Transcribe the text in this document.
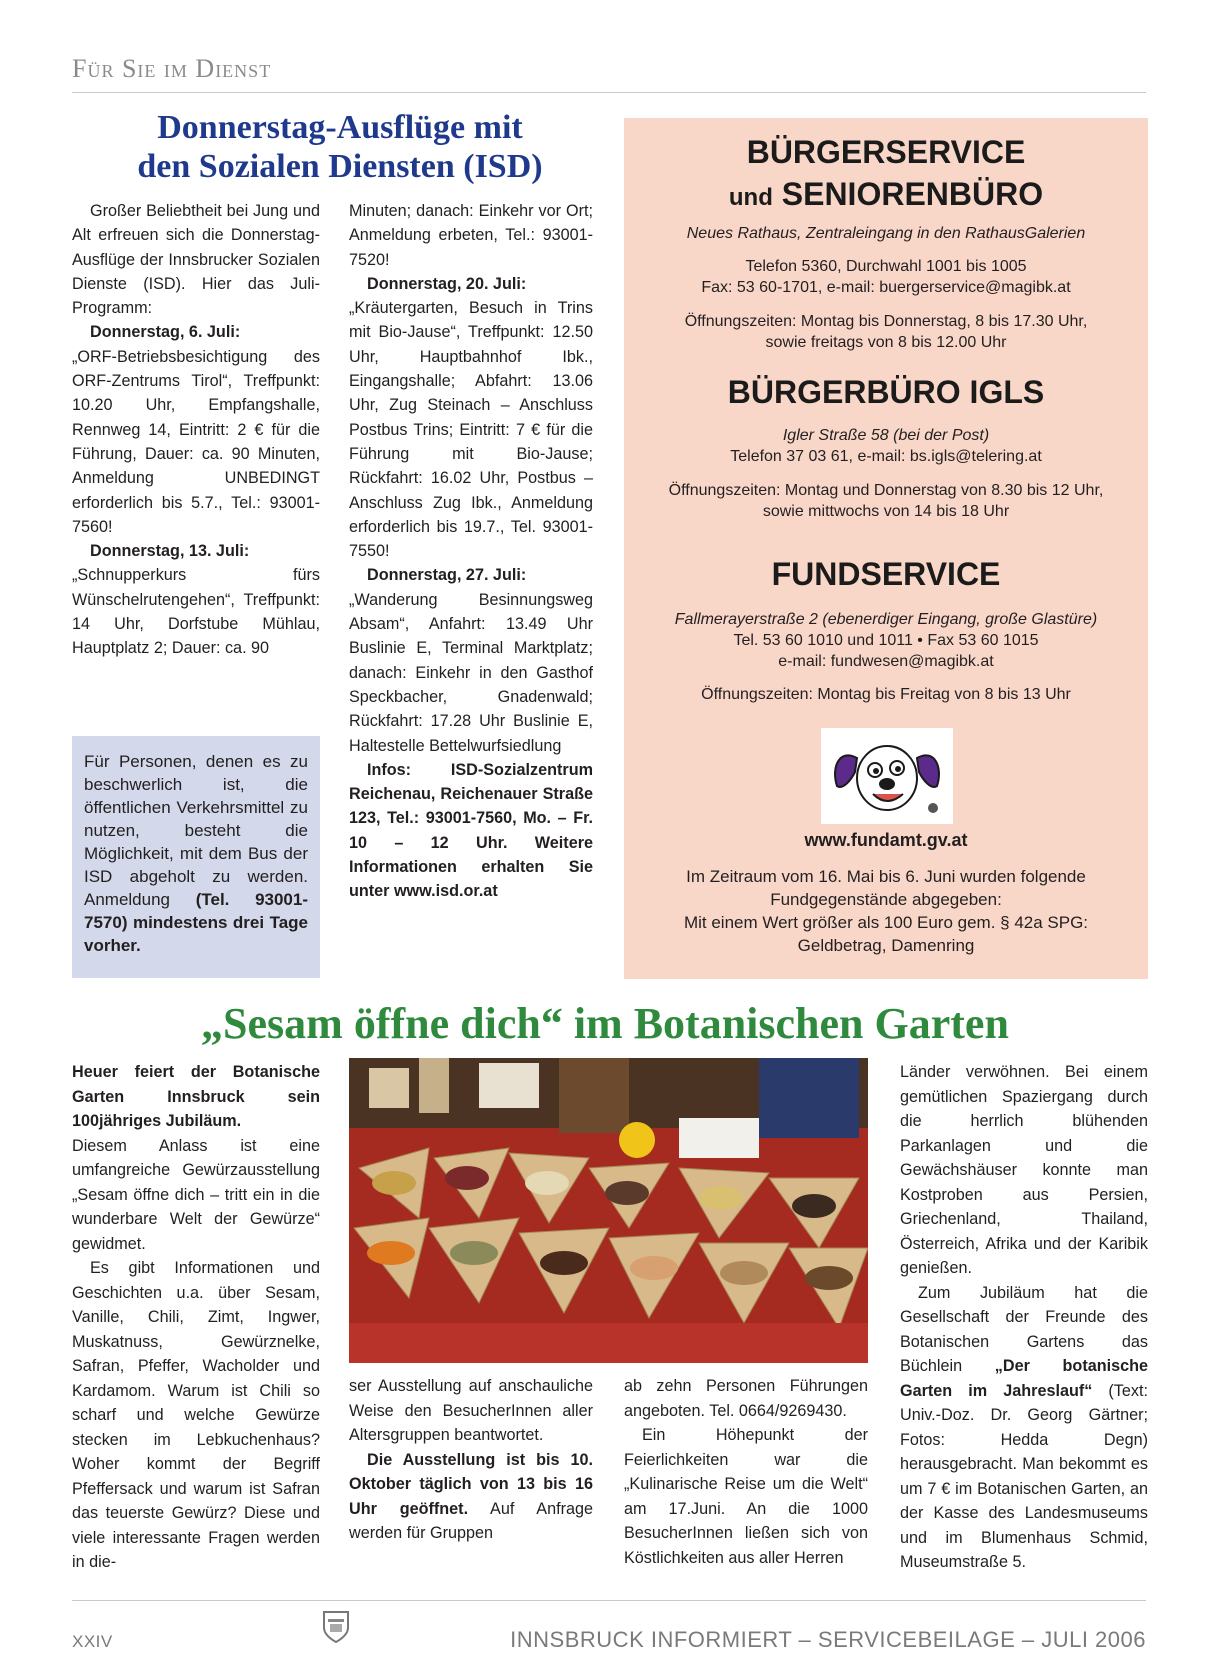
Für Sie im Dienst
Donnerstag-Ausflüge mit
den Sozialen Diensten (ISD)

Großer Beliebtheit bei Jung und Alt erfreuen sich die Donnerstag-Ausflüge der Innsbrucker Sozialen Dienste (ISD). Hier das Juli-Programm:

Donnerstag, 6. Juli:

„ORF-Betriebsbesichtigung des ORF-Zentrums Tirol“, Treffpunkt: 10.20 Uhr, Empfangshalle, Rennweg 14, Eintritt: 2 € für die Führung, Dauer: ca. 90 Minuten, Anmeldung UNBEDINGT erforderlich bis 5.7., Tel.: 93001-7560!

Donnerstag, 13. Juli:

„Schnupperkurs fürs Wünschelrutengehen“, Treffpunkt: 14 Uhr, Dorfstube Mühlau, Hauptplatz 2; Dauer: ca. 90

Für Personen, denen es zu beschwerlich ist, die öffentlichen Verkehrsmittel zu nutzen, besteht die Möglichkeit, mit dem Bus der ISD abgeholt zu werden. Anmeldung (Tel. 93001-7570) mindestens drei Tage vorher.

Minuten; danach: Einkehr vor Ort; Anmeldung erbeten, Tel.: 93001-7520!

Donnerstag, 20. Juli:

„Kräutergarten, Besuch in Trins mit Bio-Jause“, Treffpunkt: 12.50 Uhr, Hauptbahnhof Ibk., Eingangshalle; Abfahrt: 13.06 Uhr, Zug Steinach – Anschluss Postbus Trins; Eintritt: 7 € für die Führung mit Bio-Jause; Rückfahrt: 16.02 Uhr, Postbus – Anschluss Zug Ibk., Anmeldung erforderlich bis 19.7., Tel. 93001-7550!

Donnerstag, 27. Juli:

„Wanderung Besinnungsweg Absam“, Anfahrt: 13.49 Uhr Buslinie E, Terminal Marktplatz; danach: Einkehr in den Gasthof Speckbacher, Gnadenwald; Rückfahrt: 17.28 Uhr Buslinie E, Haltestelle Bettelwurfsiedlung

Infos: ISD-Sozialzentrum Reichenau, Reichenauer Straße 123, Tel.: 93001-7560, Mo. – Fr. 10 – 12 Uhr. Weitere Informationen erhalten Sie unter www.isd.or.at

BÜRGERSERVICE
und SENIORENBÜRO
Neues Rathaus, Zentraleingang in den RathausGalerien
Telefon 5360, Durchwahl 1001 bis 1005
Fax: 53 60-1701, e-mail: buergerservice@magibk.at
Öffnungszeiten: Montag bis Donnerstag, 8 bis 17.30 Uhr,
sowie freitags von 8 bis 12.00 Uhr
BÜRGERBÜRO IGLS
Igler Straße 58 (bei der Post)
Telefon 37 03 61, e-mail: bs.igls@telering.at
Öffnungszeiten: Montag und Donnerstag von 8.30 bis 12 Uhr,
sowie mittwochs von 14 bis 18 Uhr
FUNDSERVICE
Fallmerayerstraße 2 (ebenerdiger Eingang, große Glastüre)
Tel. 53 60 1010 und 1011 • Fax 53 60 1015
e-mail: fundwesen@magibk.at
Öffnungszeiten: Montag bis Freitag von 8 bis 13 Uhr
www.fundamt.gv.at
Im Zeitraum vom 16. Mai bis 6. Juni wurden folgende
Fundgegenstände abgegeben:
Mit einem Wert größer als 100 Euro gem. § 42a SPG:
Geldbetrag, Damenring
„Sesam öffne dich“ im Botanischen Garten

Heuer feiert der Botanische Garten Innsbruck sein 100jähriges Jubiläum.

Diesem Anlass ist eine umfangreiche Gewürzausstellung „Sesam öffne dich – tritt ein in die wunderbare Welt der Gewürze“ gewidmet.

Es gibt Informationen und Geschichten u.a. über Sesam, Vanille, Chili, Zimt, Ingwer, Muskatnuss, Gewürznelke, Safran, Pfeffer, Wacholder und Kardamom. Warum ist Chili so scharf und welche Gewürze stecken im Lebkuchenhaus? Woher kommt der Begriff Pfeffersack und warum ist Safran das teuerste Gewürz? Diese und viele interessante Fragen werden in die-

ser Ausstellung auf anschauliche Weise den BesucherInnen aller Altersgruppen beantwortet.

Die Ausstellung ist bis 10. Oktober täglich von 13 bis 16 Uhr geöffnet. Auf Anfrage werden für Gruppen

ab zehn Personen Führungen angeboten. Tel. 0664/9269430.

Ein Höhepunkt der Feierlichkeiten war die „Kulinarische Reise um die Welt“ am 17.Juni. An die 1000 BesucherInnen ließen sich von Köstlichkeiten aus aller Herren

Länder verwöhnen. Bei einem gemütlichen Spaziergang durch die herrlich blühenden Parkanlagen und die Gewächshäuser konnte man Kostproben aus Persien, Griechenland, Thailand, Österreich, Afrika und der Karibik genießen.

Zum Jubiläum hat die Gesellschaft der Freunde des Botanischen Gartens das Büchlein „Der botanische Garten im Jahreslauf“ (Text: Univ.-Doz. Dr. Georg Gärtner; Fotos: Hedda Degn) herausgebracht. Man bekommt es um 7 € im Botanischen Garten, an der Kasse des Landesmuseums und im Blumenhaus Schmid, Museumstraße 5.

XXIV	INNSBRUCK INFORMIERT – SERVICEBEILAGE – JULI 2006
